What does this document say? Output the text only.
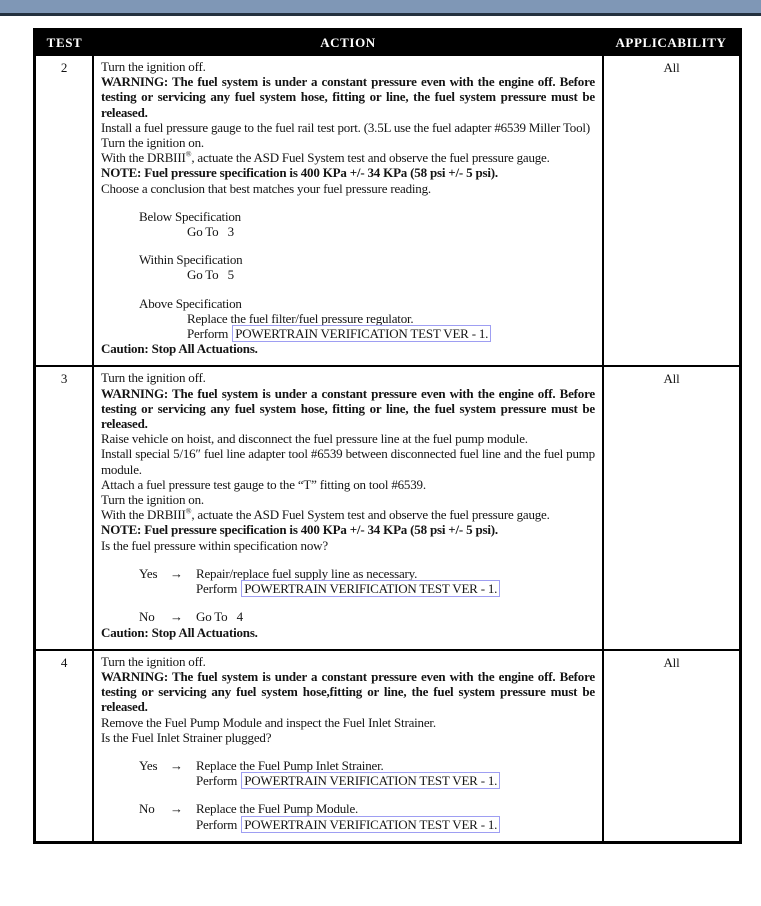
TEST	ACTION	APPLICABILITY
2	Turn the ignition off.

WARNING: The fuel system is under a constant pressure even with the engine off. Before testing or servicing any fuel system hose, fitting or line, the fuel system pressure must be released.

Install a fuel pressure gauge to the fuel rail test port. (3.5L use the fuel adapter #6539 Miller Tool)

Turn the ignition on.

With the DRBIII®, actuate the ASD Fuel System test and observe the fuel pressure gauge.

NOTE: Fuel pressure specification is 400 KPa +/- 34 KPa (58 psi +/- 5 psi).

Choose a conclusion that best matches your fuel pressure reading.

Below Specification
Go To   3
Within Specification
Go To   5
Above Specification
Replace the fuel filter/fuel pressure regulator.
Perform POWERTRAIN VERIFICATION TEST VER - 1.

Caution: Stop All Actuations.

	All
3	Turn the ignition off.

WARNING: The fuel system is under a constant pressure even with the engine off. Before testing or servicing any fuel system hose, fitting or line, the fuel system pressure must be released.

Raise vehicle on hoist, and disconnect the fuel pressure line at the fuel pump module.

Install special 5/16″ fuel line adapter tool #6539 between disconnected fuel line and the fuel pump module.

Attach a fuel pressure test gauge to the “T” fitting on tool #6539.

Turn the ignition on.

With the DRBIII®, actuate the ASD Fuel System test and observe the fuel pressure gauge.

NOTE: Fuel pressure specification is 400 KPa +/- 34 KPa (58 psi +/- 5 psi).

Is the fuel pressure within specification now?

Yes →	Repair/replace fuel supply line as necessary.
Perform POWERTRAIN VERIFICATION TEST VER - 1.
No	→	Go To   4

Caution: Stop All Actuations.

	All
4	Turn the ignition off.

WARNING: The fuel system is under a constant pressure even with the engine off. Before testing or servicing any fuel system hose,fitting or line, the fuel system pressure must be released.

Remove the Fuel Pump Module and inspect the Fuel Inlet Strainer.

Is the Fuel Inlet Strainer plugged?

Yes →	Replace the Fuel Pump Inlet Strainer.
Perform POWERTRAIN VERIFICATION TEST VER - 1.
No	→	Replace the Fuel Pump Module.
Perform POWERTRAIN VERIFICATION TEST VER - 1.
	All
